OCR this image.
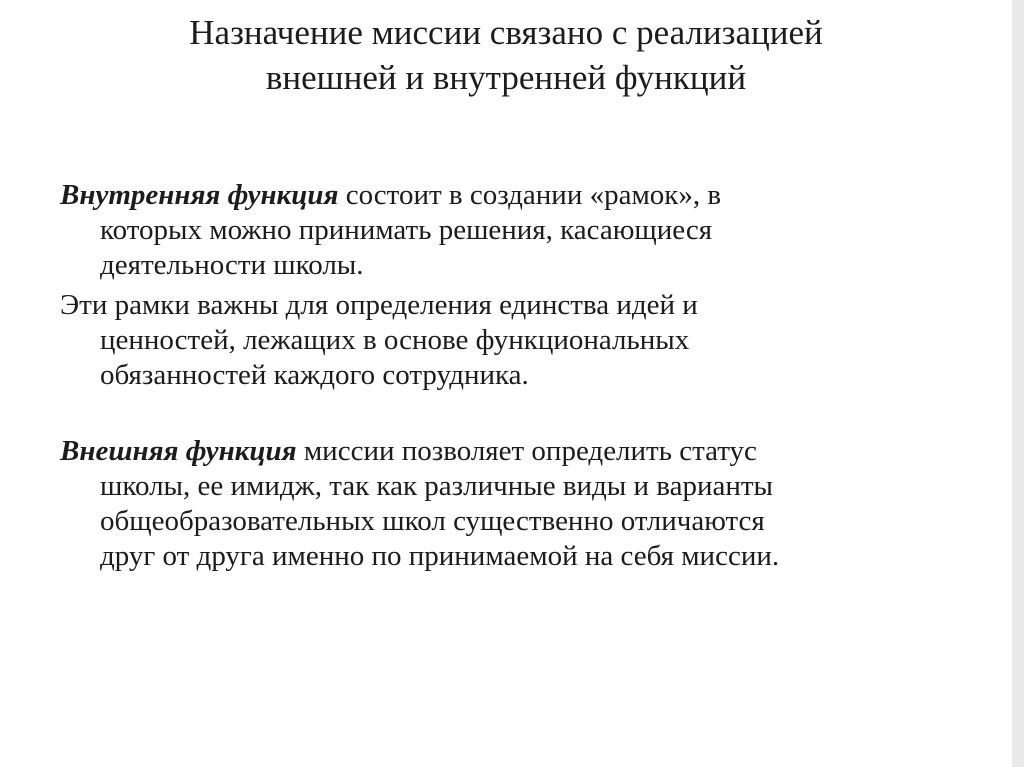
Назначение миссии связано с реализацией
внешней и внутренней функций

Внутренняя функция состоит в создании «рамок», в которых можно принимать решения, касающиеся деятельности школы.

Эти рамки важны для определения единства идей и ценностей, лежащих в основе функциональных обязанностей каждого сотрудника.

Внешняя функция миссии позволяет определить статус школы, ее имидж, так как различные виды и варианты общеобразовательных школ существенно отличаются друг от друга именно по принимаемой на себя миссии.
